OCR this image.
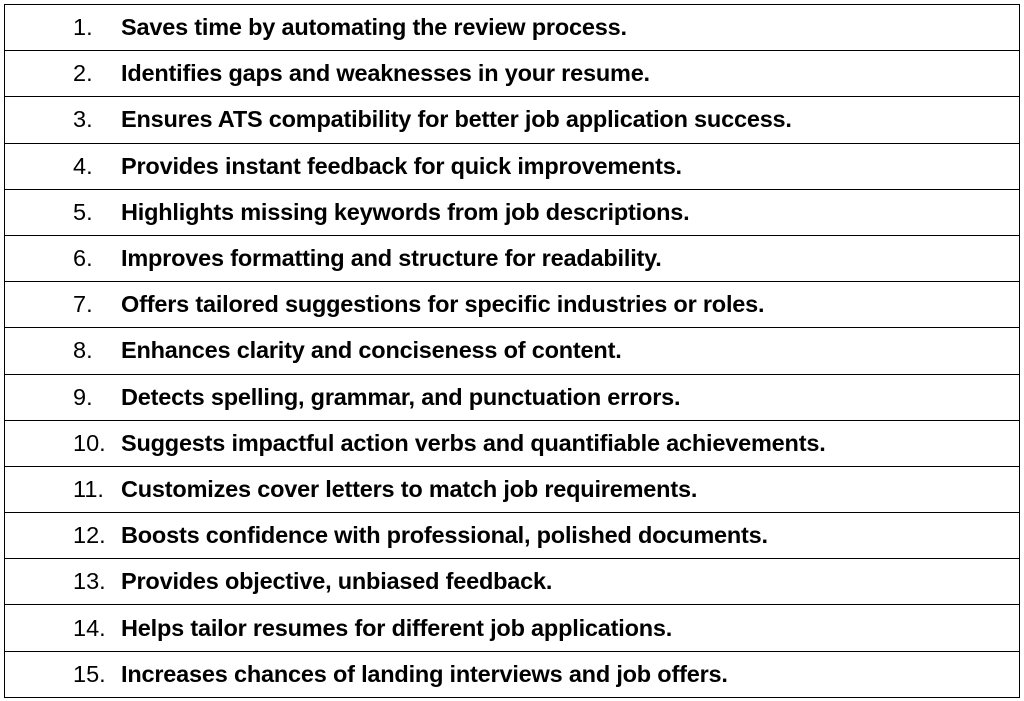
1.	Saves time by automating the review process.

2.	Identifies gaps and weaknesses in your resume.

3.	Ensures ATS compatibility for better job application success.

4.	Provides instant feedback for quick improvements.

5.	Highlights missing keywords from job descriptions.

6.	Improves formatting and structure for readability.

7.	Offers tailored suggestions for specific industries or roles.

8.	Enhances clarity and conciseness of content.

9.	Detects spelling, grammar, and punctuation errors.

10. Suggests impactful action verbs and quantifiable achievements.

11. Customizes cover letters to match job requirements.

12. Boosts confidence with professional, polished documents.

13. Provides objective, unbiased feedback.

14. Helps tailor resumes for different job applications.

15. Increases chances of landing interviews and job offers.
